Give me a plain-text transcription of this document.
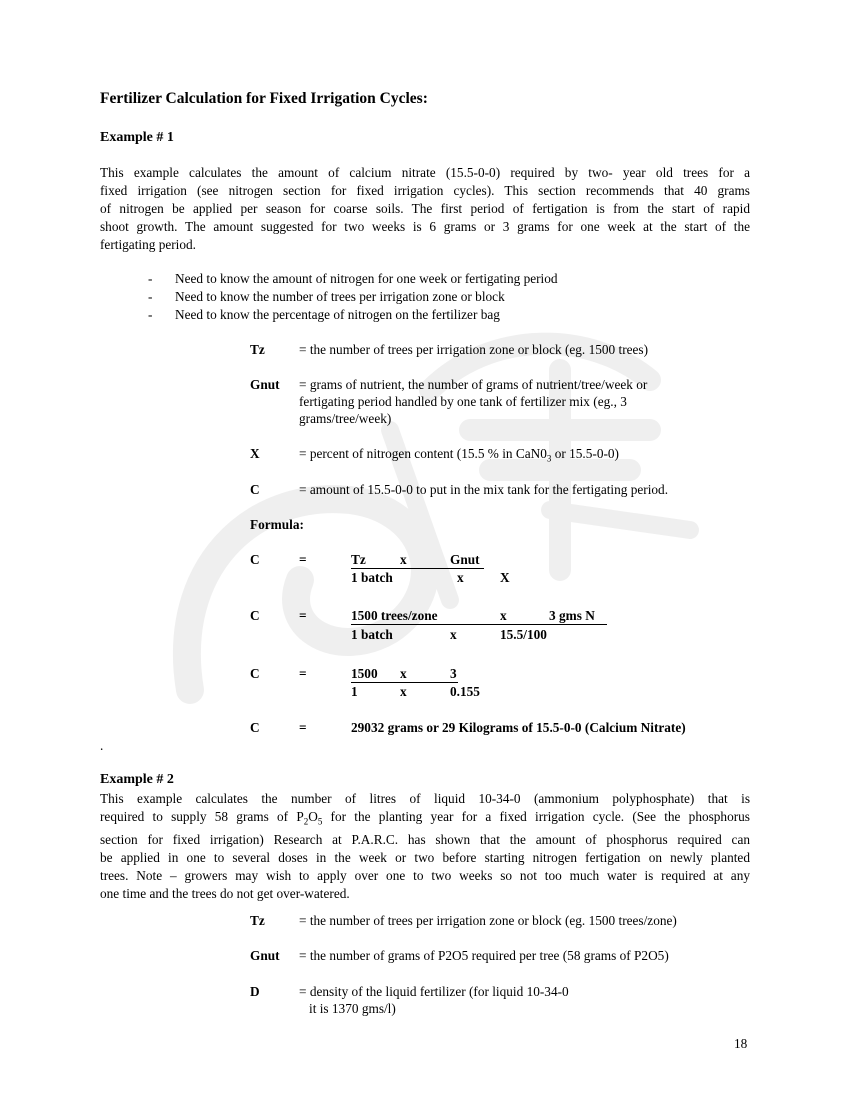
Fertilizer Calculation for Fixed Irrigation Cycles:
Example # 1
This example calculates the amount of calcium nitrate (15.5-0-0) required by two- year old trees for a
fixed irrigation (see nitrogen section for fixed irrigation cycles). This section recommends that 40 grams
of nitrogen be applied per season for coarse soils. The first period of fertigation is from the start of rapid
shoot growth. The amount suggested for two weeks is 6 grams or 3 grams for one week at the start of the
fertigating period.
- Need to know the amount of nitrogen for one week or fertigating period
- Need to know the number of trees per irrigation zone or block
- Need to know the percentage of nitrogen on the fertilizer bag
Tz	= the number of trees per irrigation zone or block (eg. 1500 trees)
Gnut = grams of nutrient, the number of grams of nutrient/tree/week or
fertigating period handled by one tank of fertilizer mix (eg., 3
grams/tree/week)
X	= percent of nitrogen content (15.5 % in $CaN0_3$ or 15.5-0-0)
C	= amount of 15.5-0-0 to put in the mix tank for the fertigating period.
Formula:
C	=	Tz	x	Gnut
1 batch	x	X
C	=	1500 trees/zone	x	3 gms N
1 batch	x	15.5/100
C	=	1500 x	3
1	x	0.155
C	=	29032 grams or 29 Kilograms of 15.5-0-0 (Calcium Nitrate)
.
Example # 2
This example calculates the number of litres of liquid 10-34-0 (ammonium polyphosphate) that is
required to supply 58 grams of $P_2O_5$ for the planting year for a fixed irrigation cycle. (See the phosphorus
section for fixed irrigation) Research at P.A.R.C. has shown that the amount of phosphorus required can
be applied in one to several doses in the week or two before starting nitrogen fertigation on newly planted
trees. Note – growers may wish to apply over one to two weeks so not too much water is required at any
one time and the trees do not get over-watered.
Tz	= the number of trees per irrigation zone or block (eg. 1500 trees/zone)
Gnut = the number of grams of P2O5 required per tree (58 grams of P2O5)
D	= density of the liquid fertilizer (for liquid 10-34-0
it is 1370 gms/l)
18
